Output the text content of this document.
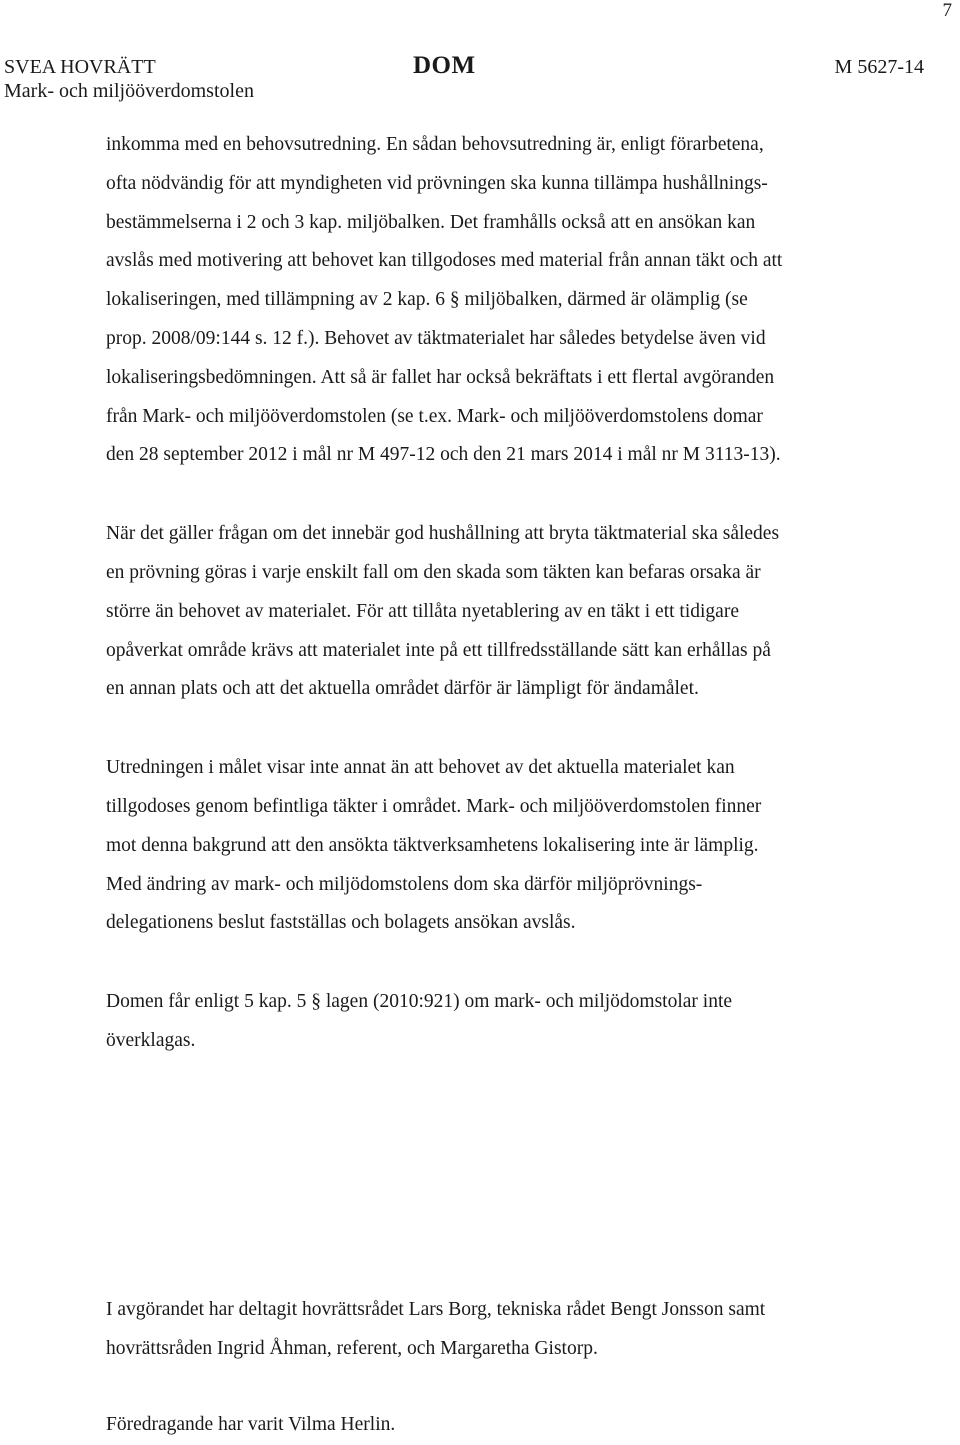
7
SVEA HOVRÄTT
Mark- och miljööverdomstolen
DOM	M 5627-14

inkomma med en behovsutredning. En sådan behovsutredning är, enligt förarbetena,

ofta nödvändig för att myndigheten vid prövningen ska kunna tillämpa hushållnings-

bestämmelserna i 2 och 3 kap. miljöbalken. Det framhålls också att en ansökan kan

avslås med motivering att behovet kan tillgodoses med material från annan täkt och att

lokaliseringen, med tillämpning av 2 kap. 6 § miljöbalken, därmed är olämplig (se

prop. 2008/09:144 s. 12 f.). Behovet av täktmaterialet har således betydelse även vid

lokaliseringsbedömningen. Att så är fallet har också bekräftats i ett flertal avgöranden

från Mark- och miljööverdomstolen (se t.ex. Mark- och miljööverdomstolens domar

den 28 september 2012 i mål nr M 497-12 och den 21 mars 2014 i mål nr M 3113-13).

När det gäller frågan om det innebär god hushållning att bryta täktmaterial ska således

en prövning göras i varje enskilt fall om den skada som täkten kan befaras orsaka är

större än behovet av materialet. För att tillåta nyetablering av en täkt i ett tidigare

opåverkat område krävs att materialet inte på ett tillfredsställande sätt kan erhållas på

en annan plats och att det aktuella området därför är lämpligt för ändamålet.

Utredningen i målet visar inte annat än att behovet av det aktuella materialet kan

tillgodoses genom befintliga täkter i området. Mark- och miljööverdomstolen finner

mot denna bakgrund att den ansökta täktverksamhetens lokalisering inte är lämplig.

Med ändring av mark- och miljödomstolens dom ska därför miljöprövnings-

delegationens beslut fastställas och bolagets ansökan avslås.

Domen får enligt 5 kap. 5 § lagen (2010:921) om mark- och miljödomstolar inte

överklagas.

I avgörandet har deltagit hovrättsrådet Lars Borg, tekniska rådet Bengt Jonsson samt

hovrättsråden Ingrid Åhman, referent, och Margaretha Gistorp.

Föredragande har varit Vilma Herlin.
